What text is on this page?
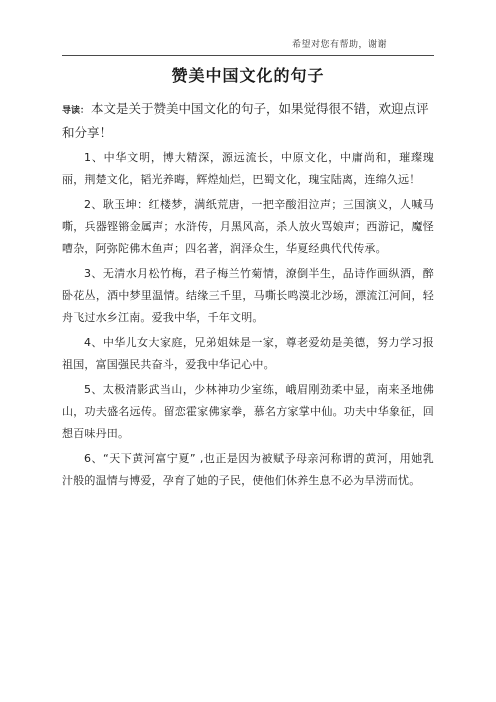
希望对您有帮助，谢谢
赞美中国文化的句子

导读： 本文是关于赞美中国文化的句子，如果觉得很不错，欢迎点评和分享！

1、中华文明，博大精深，源远流长，中原文化，中庸尚和，璀璨瑰丽，荆楚文化，韬光养晦，辉煌灿烂，巴蜀文化，瑰宝陆离，连绵久远！

2、耿玉坤：红楼梦，满纸荒唐，一把辛酸泪泣声；三国演义，人喊马嘶，兵器铿锵金属声；水浒传，月黑风高，杀人放火骂娘声；西游记，魔怪嘈杂，阿弥陀佛木鱼声；四名著，润泽众生，华夏经典代代传承。

3、无清水月松竹梅，君子梅兰竹菊情，潦倒半生，品诗作画纵酒，醉卧花丛，酒中梦里温情。结缘三千里，马嘶长鸣漠北沙场，漂流江河间，轻舟飞过水乡江南。爱我中华，千年文明。

4、中华儿女大家庭，兄弟姐妹是一家，尊老爱幼是美德，努力学习报祖国，富国强民共奋斗，爱我中华记心中。

5、太极清影武当山，少林神功少室练，峨眉刚劲柔中显，南来圣地佛山，功夫盛名远传。留恋霍家佛家拳，慕名方家掌中仙。功夫中华象征，回想百味丹田。

6、“天下黄河富宁夏” ,也正是因为被赋予母亲河称谓的黄河，用她乳汁般的温情与博爱，孕育了她的子民，使他们休养生息不必为旱涝而忧。
